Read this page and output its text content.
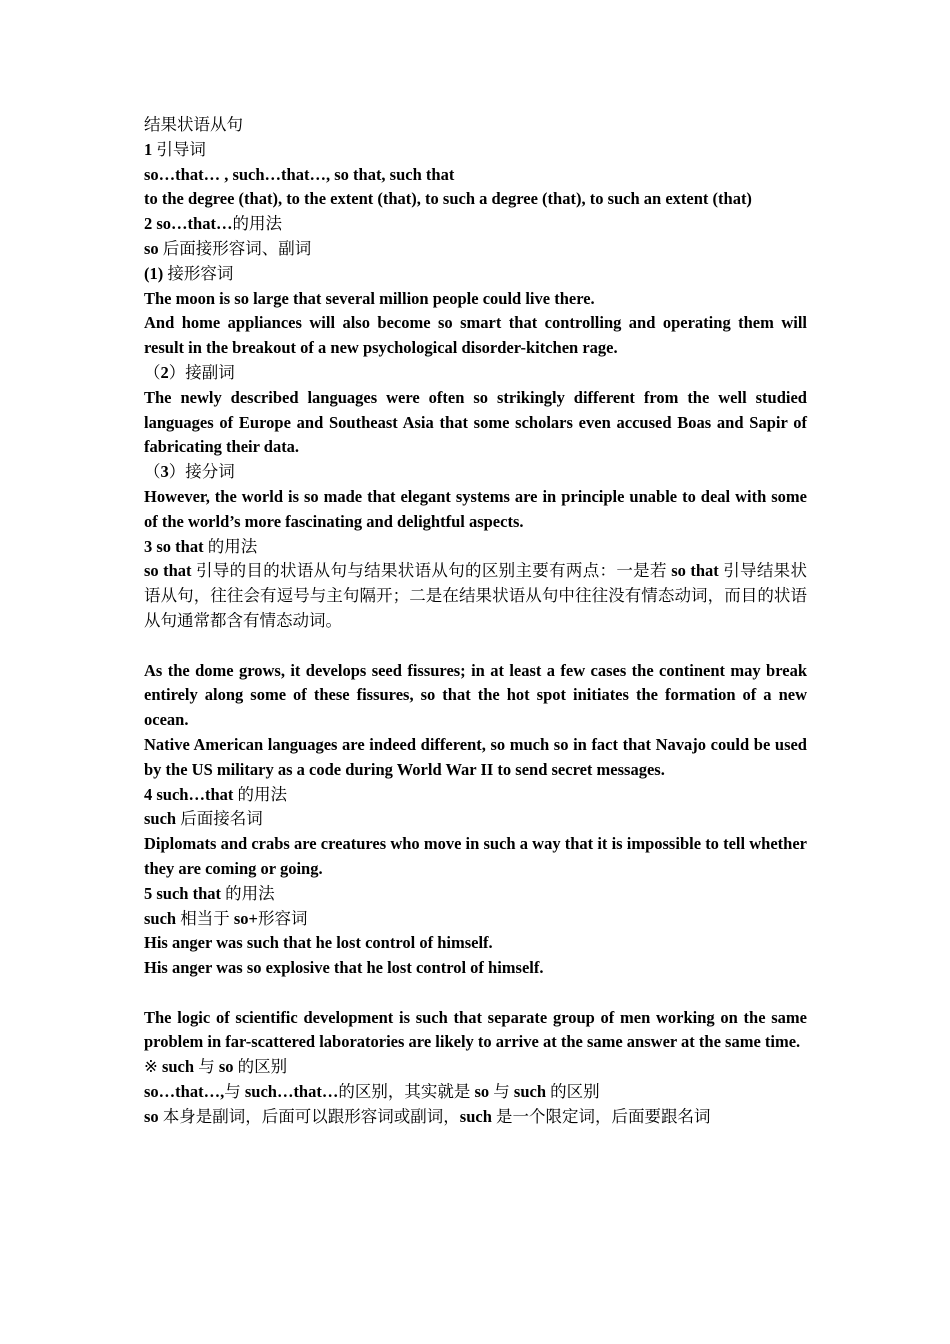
结果状语从句
1 引导词
so…that… , such…that…, so that, such that
to the degree (that), to the extent (that), to such a degree (that), to such an extent (that)
2 so…that…的用法
so 后面接形容词、副词
(1) 接形容词
The moon is so large that several million people could live there.
And home appliances will also become so smart that controlling and operating them will result in the breakout of a new psychological disorder-kitchen rage.
（2）接副词
The newly described languages were often so strikingly different from the well studied languages of Europe and Southeast Asia that some scholars even accused Boas and Sapir of fabricating their data.
（3）接分词
However, the world is so made that elegant systems are in principle unable to deal with some of the world’s more fascinating and delightful aspects.
3 so that 的用法
so that 引导的目的状语从句与结果状语从句的区别主要有两点：一是若 so that 引导结果状语从句，往往会有逗号与主句隔开；二是在结果状语从句中往往没有情态动词，而目的状语从句通常都含有情态动词。
As the dome grows, it develops seed fissures; in at least a few cases the continent may break entirely along some of these fissures, so that the hot spot initiates the formation of a new ocean.
Native American languages are indeed different, so much so in fact that Navajo could be used by the US military as a code during World War II to send secret messages.
4 such…that 的用法
such 后面接名词
Diplomats and crabs are creatures who move in such a way that it is impossible to tell whether they are coming or going.
5 such that 的用法
such 相当于 so+形容词
His anger was such that he lost control of himself.
His anger was so explosive that he lost control of himself.
The logic of scientific development is such that separate group of men working on the same problem in far-scattered laboratories are likely to arrive at the same answer at the same time.
※ such 与 so 的区别
so…that…,与 such…that…的区别，其实就是 so 与 such 的区别
so 本身是副词，后面可以跟形容词或副词，such 是一个限定词，后面要跟名词
